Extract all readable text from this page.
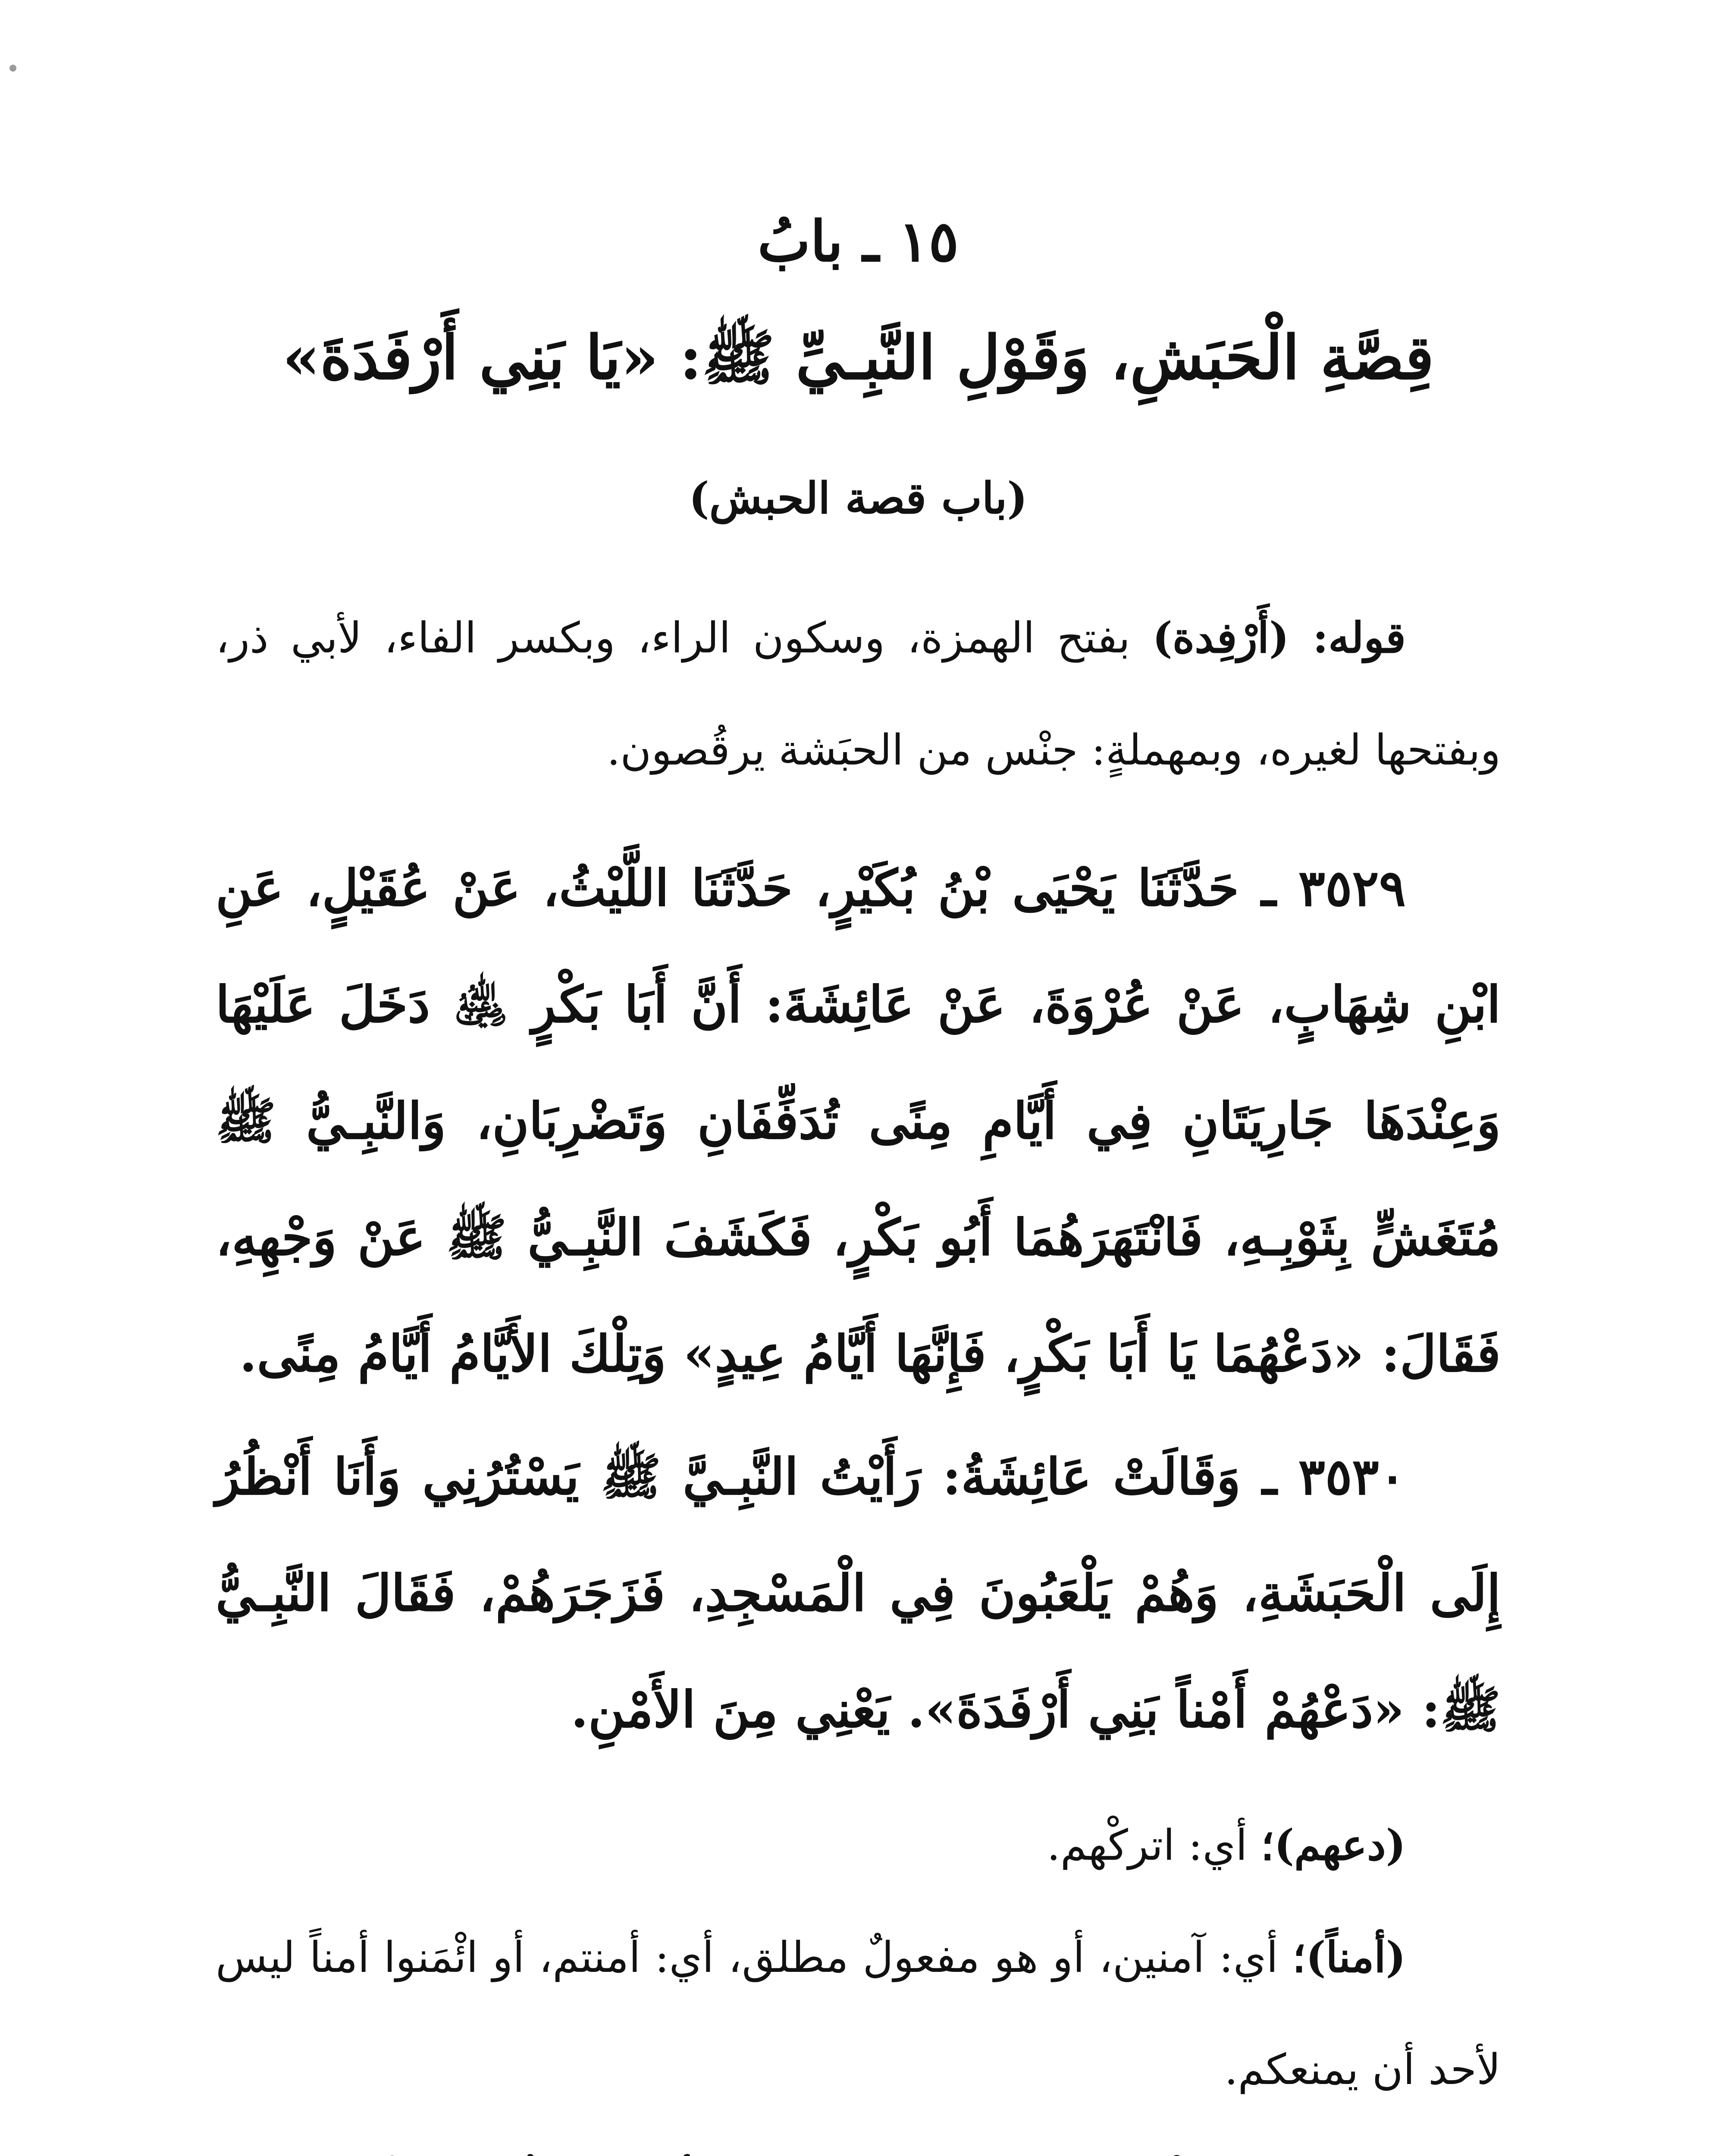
١٥ ـ بابُ
قِصَّةِ الْحَبَشِ، وَقَوْلِ النَّبِـيِّ ﷺ: «يَا بَنِي أَرْفَدَةَ»
(باب قصة الحبش)
قوله: (أَرْفِدة) بفتح الهمزة، وسكون الراء، وبكسر الفاء، لأبي ذر، وبفتحها لغيره، وبمهملةٍ: جنْس من الحبَشة يرقُصون.
٣٥٢٩ ـ حَدَّثَنَا يَحْيَى بْنُ بُكَيْرٍ، حَدَّثَنَا اللَّيْثُ، عَنْ عُقَيْلٍ، عَنِ ابْنِ شِهَابٍ، عَنْ عُرْوَةَ، عَنْ عَائِشَةَ: أَنَّ أَبَا بَكْرٍ ﵁ دَخَلَ عَلَيْهَا وَعِنْدَهَا جَارِيَتَانِ فِي أَيَّامِ مِنًى تُدَفِّفَانِ وَتَضْرِبَانِ، وَالنَّبِـيُّ ﷺ مُتَغَشٍّ بِثَوْبِـهِ، فَانْتَهَرَهُمَا أَبُو بَكْرٍ، فَكَشَفَ النَّبِـيُّ ﷺ عَنْ وَجْهِهِ، فَقَالَ: «دَعْهُمَا يَا أَبَا بَكْرٍ، فَإِنَّهَا أَيَّامُ عِيدٍ» وَتِلْكَ الأَيَّامُ أَيَّامُ مِنًى.
٣٥٣٠ ـ وَقَالَتْ عَائِشَةُ: رَأَيْتُ النَّبِـيَّ ﷺ يَسْتُرُنِي وَأَنَا أَنْظُرُ إِلَى الْحَبَشَةِ، وَهُمْ يَلْعَبُونَ فِي الْمَسْجِدِ، فَزَجَرَهُمْ، فَقَالَ النَّبِـيُّ ﷺ: «دَعْهُمْ أَمْناً بَنِي أَرْفَدَةَ». يَعْنِي مِنَ الأَمْنِ.
(دعهم)؛ أي: اتركْهم.
(أمناً)؛ أي: آمنين، أو هو مفعولٌ مطلق، أي: أمنتم، أو ائْمَنوا أمناً ليس لأحد أن يمنعكم.
